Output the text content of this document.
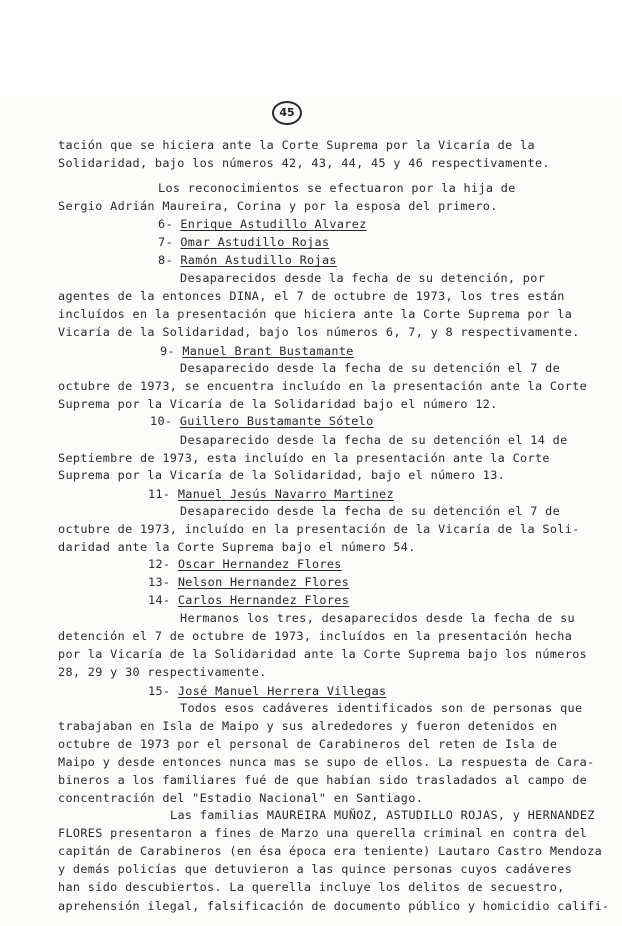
45
tación que se hiciera ante la Corte Suprema por la Vicaría de la
Solidaridad, bajo los números 42, 43, 44, 45 y 46 respectivamente.
Los reconocimientos se efectuaron por la hija de
Sergio Adrián Maureira, Corina y por la esposa del primero.
6- Enrique Astudillo Alvarez
7- Omar Astudillo Rojas
8- Ramón Astudillo Rojas
Desaparecidos desde la fecha de su detención, por
agentes de la entonces DINA, el 7 de octubre de 1973, los tres están
incluídos en la presentación que hiciera ante la Corte Suprema por la
Vicaría de la Solidaridad, bajo los números 6, 7, y 8 respectivamente.
9- Manuel Brant Bustamante
Desaparecido desde la fecha de su detención el 7 de
octubre de 1973, se encuentra incluído en la presentación ante la Corte
Suprema por la Vicaría de la Solidaridad bajo el número 12.
10- Guillero Bustamante Sótelo
Desaparecido desde la fecha de su detención el 14 de
Septiembre de 1973, esta incluído en la presentación ante la Corte
Suprema por la Vicaría de la Solidaridad, bajo el número 13.
11- Manuel Jesús Navarro Martinez
Desaparecido desde la fecha de su detención el 7 de
octubre de 1973, incluído en la presentación de la Vicaría de la Soli-
daridad ante la Corte Suprema bajo el número 54.
12- Oscar Hernandez Flores
13- Nelson Hernandez Flores
14- Carlos Hernandez Flores
Hermanos los tres, desaparecidos desde la fecha de su
detención el 7 de octubre de 1973, incluídos en la presentación hecha
por la Vicaría de la Solidaridad ante la Corte Suprema bajo los números
28, 29 y 30 respectivamente.
15- José Manuel Herrera Villegas
Todos esos cadáveres identificados son de personas que
trabajaban en Isla de Maipo y sus alrededores y fueron detenidos en
octubre de 1973 por el personal de Carabineros del reten de Isla de
Maipo y desde entonces nunca mas se supo de ellos. La respuesta de Cara-
bineros a los familiares fué de que habían sido trasladados al campo de
concentración del "Estadio Nacional" en Santiago.
Las familias MAUREIRA MUÑOZ, ASTUDILLO ROJAS, y HERNANDEZ
FLORES presentaron a fines de Marzo una querella criminal en contra del
capitán de Carabineros (en ésa época era teniente) Lautaro Castro Mendoza
y demás policías que detuvieron a las quince personas cuyos cadáveres
han sido descubiertos. La querella incluye los delitos de secuestro,
aprehensión ilegal, falsificación de documento público y homicidio califi-
